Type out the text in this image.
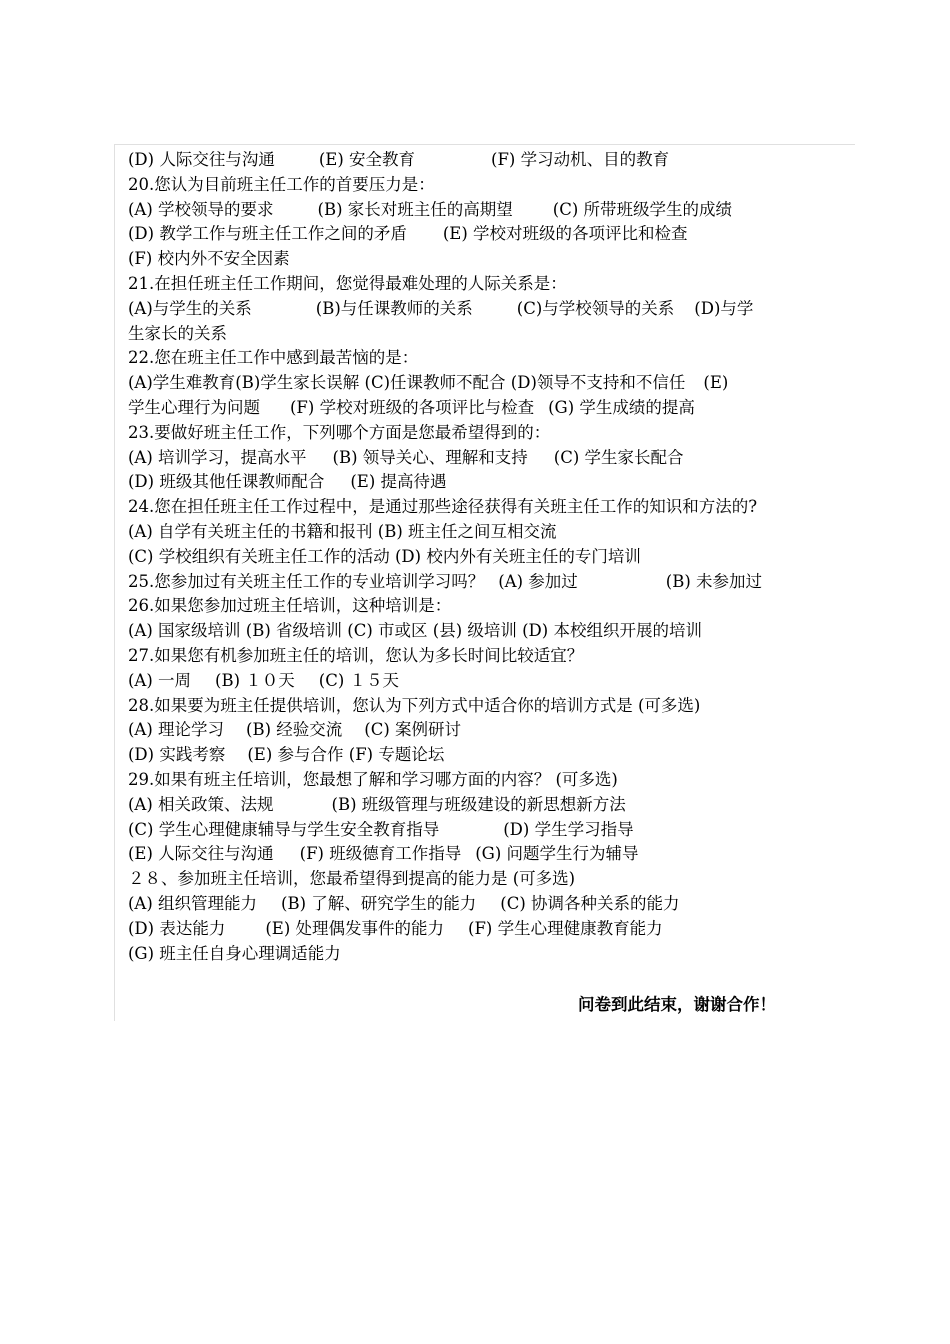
(D) 人际交往与沟通	(E) 安全教育	(F) 学习动机、目的教育
20.您认为目前班主任工作的首要压力是：
(A) 学校领导的要求	(B) 家长对班主任的高期望 (C) 所带班级学生的成绩
(D) 教学工作与班主任工作之间的矛盾 (E) 学校对班级的各项评比和检查
(F) 校内外不安全因素
21.在担任班主任工作期间，您觉得最难处理的人际关系是：
(A)与学生的关系	(B)与任课教师的关系	(C)与学校领导的关系 (D)与学
生家长的关系
22.您在班主任工作中感到最苦恼的是：
(A)学生难教育(B)学生家长误解 (C)任课教师不配合 (D)领导不支持和不信任 (E)
学生心理行为问题 (F) 学校对班级的各项评比与检查 (G) 学生成绩的提高
23.要做好班主任工作，下列哪个方面是您最希望得到的：
(A) 培训学习，提高水平 (B) 领导关心、理解和支持 (C) 学生家长配合
(D) 班级其他任课教师配合 (E) 提高待遇
24.您在担任班主任工作过程中，是通过那些途径获得有关班主任工作的知识和方法的?
(A) 自学有关班主任的书籍和报刊 (B) 班主任之间互相交流
(C) 学校组织有关班主任工作的活动 (D) 校内外有关班主任的专门培训
25.您参加过有关班主任工作的专业培训学习吗？ (A) 参加过	(B) 未参加过
26.如果您参加过班主任培训，这种培训是：
(A) 国家级培训 (B) 省级培训 (C) 市或区 (县) 级培训 (D) 本校组织开展的培训
27.如果您有机参加班主任的培训，您认为多长时间比较适宜？
(A) 一周 (B) １０天 (C) １５天
28.如果要为班主任提供培训，您认为下列方式中适合你的培训方式是 (可多选)
(A) 理论学习 (B) 经验交流 (C) 案例研讨
(D) 实践考察 (E) 参与合作 (F) 专题论坛
29.如果有班主任培训，您最想了解和学习哪方面的内容？ (可多选)
(A) 相关政策、法规	(B) 班级管理与班级建设的新思想新方法
(C) 学生心理健康辅导与学生安全教育指导	(D) 学生学习指导
(E) 人际交往与沟通 (F) 班级德育工作指导 (G) 问题学生行为辅导
２８、参加班主任培训，您最希望得到提高的能力是 (可多选)
(A) 组织管理能力 (B) 了解、研究学生的能力 (C) 协调各种关系的能力
(D) 表达能力 (E) 处理偶发事件的能力 (F) 学生心理健康教育能力
(G) 班主任自身心理调适能力
问卷到此结束，谢谢合作！
